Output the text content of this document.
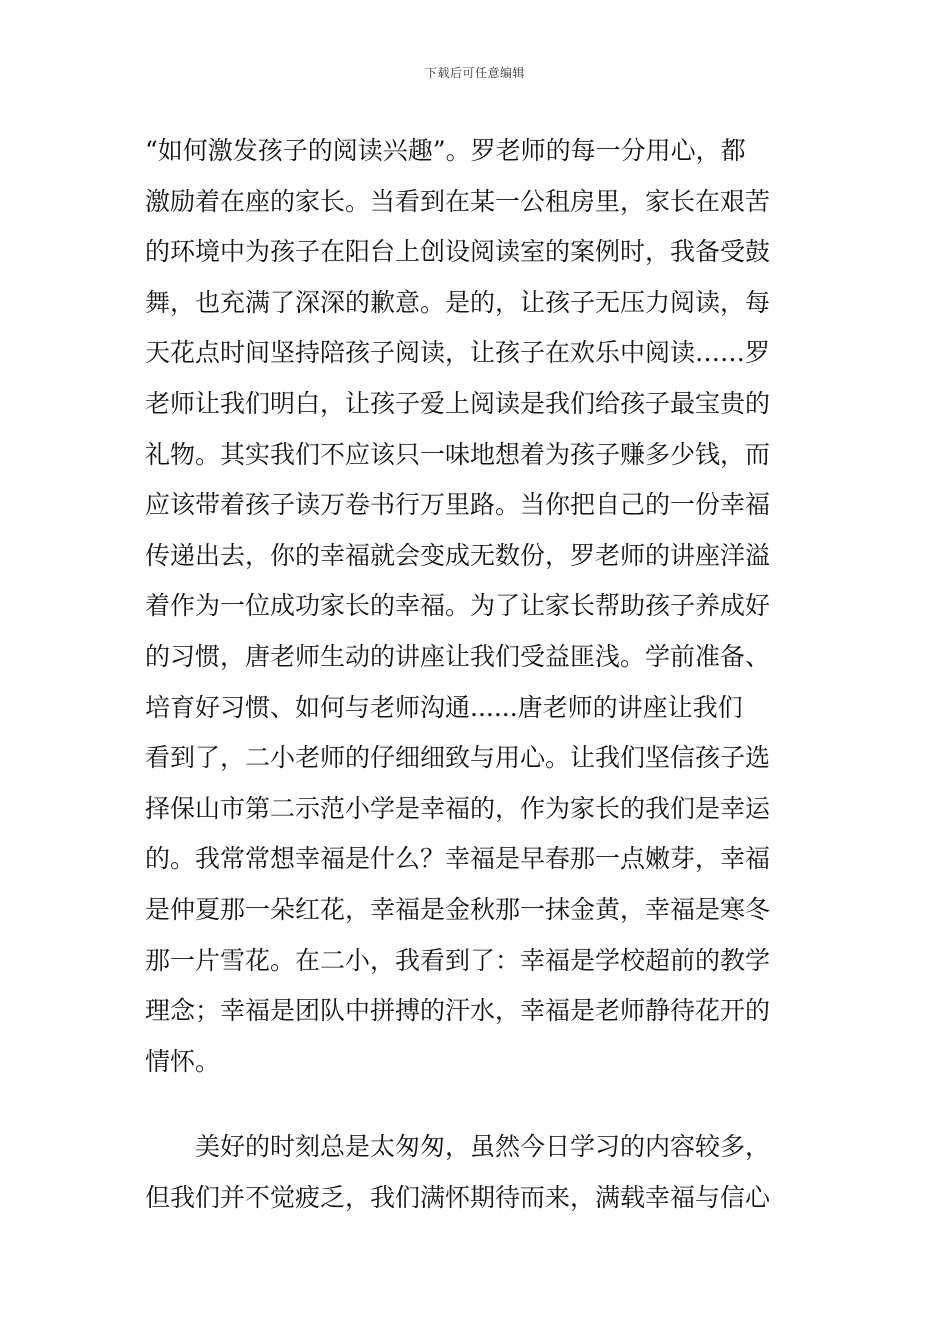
下载后可任意编辑
“如何激发孩子的阅读兴趣”。罗老师的每一分用心，都
激励着在座的家长。当看到在某一公租房里，家长在艰苦
的环境中为孩子在阳台上创设阅读室的案例时，我备受鼓
舞，也充满了深深的歉意。是的，让孩子无压力阅读，每
天花点时间坚持陪孩子阅读，让孩子在欢乐中阅读……罗
老师让我们明白，让孩子爱上阅读是我们给孩子最宝贵的
礼物。其实我们不应该只一味地想着为孩子赚多少钱，而
应该带着孩子读万卷书行万里路。当你把自己的一份幸福
传递出去，你的幸福就会变成无数份，罗老师的讲座洋溢
着作为一位成功家长的幸福。为了让家长帮助孩子养成好
的习惯，唐老师生动的讲座让我们受益匪浅。学前准备、
培育好习惯、如何与老师沟通......唐老师的讲座让我们
看到了，二小老师的仔细细致与用心。让我们坚信孩子选
择保山市第二示范小学是幸福的，作为家长的我们是幸运
的。我常常想幸福是什么？幸福是早春那一点嫩芽，幸福
是仲夏那一朵红花，幸福是金秋那一抹金黄，幸福是寒冬
那一片雪花。在二小，我看到了：幸福是学校超前的教学
理念；幸福是团队中拼搏的汗水，幸福是老师静待花开的
情怀。
　　美好的时刻总是太匆匆，虽然今日学习的内容较多，
但我们并不觉疲乏，我们满怀期待而来，满载幸福与信心
